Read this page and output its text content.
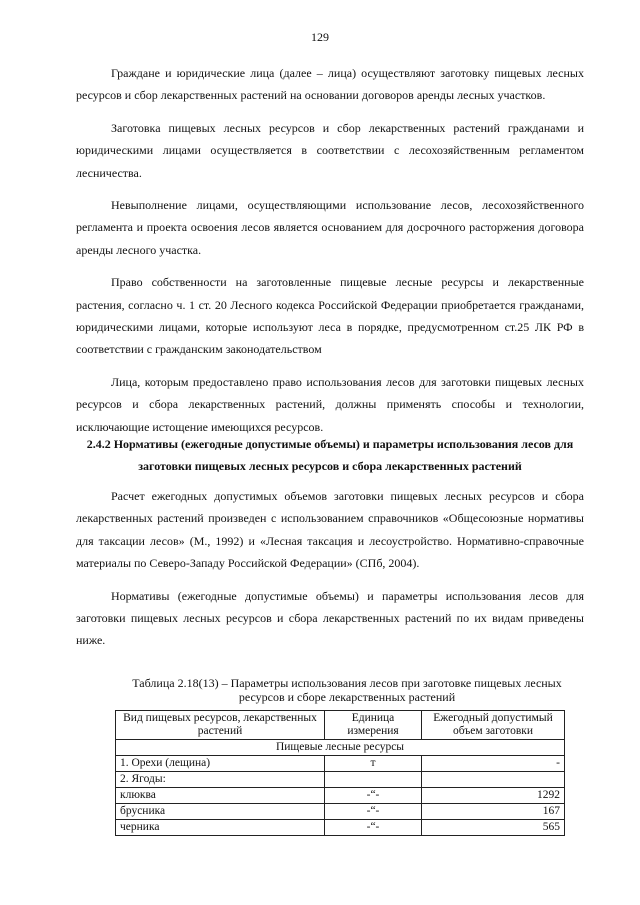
129

Граждане и юридические лица (далее – лица) осуществляют заготовку пищевых лесных ресурсов и сбор лекарственных растений на основании договоров аренды лесных участков.

Заготовка пищевых лесных ресурсов и сбор лекарственных растений гражданами и юридическими лицами осуществляется в соответствии с лесохозяйственным регламентом лесничества.

Невыполнение лицами, осуществляющими использование лесов, лесохозяйственного регламента и проекта освоения лесов является основанием для досрочного расторжения договора аренды лесного участка.

Право собственности на заготовленные пищевые лесные ресурсы и лекарственные растения, согласно ч. 1 ст. 20 Лесного кодекса Российской Федерации приобретается гражданами, юридическими лицами, которые используют леса в порядке, предусмотренном ст.25 ЛК РФ в соответствии с гражданским законодательством

Лица, которым предоставлено право использования лесов для заготовки пищевых лесных ресурсов и сбора лекарственных растений, должны применять способы и технологии, исключающие истощение имеющихся ресурсов.

2.4.2 Нормативы (ежегодные допустимые объемы) и параметры использования лесов для заготовки пищевых лесных ресурсов и сбора лекарственных растений

Расчет ежегодных допустимых объемов заготовки пищевых лесных ресурсов и сбора лекарственных растений произведен с использованием справочников «Общесоюзные нормативы для таксации лесов» (М., 1992) и «Лесная таксация и лесоустройство. Нормативно-справочные материалы по Северо-Западу Российской Федерации» (СПб, 2004).

Нормативы (ежегодные допустимые объемы) и параметры использования лесов для заготовки пищевых лесных ресурсов и сбора лекарственных растений по их видам приведены ниже.

Таблица 2.18(13) – Параметры использования лесов при заготовке пищевых лесных ресурсов и сборе лекарственных растений
Вид пищевых ресурсов, лекарственных растений	Единица измерения	Ежегодный допустимый объем заготовки
Пищевые лесные ресурсы		
1. Орехи (лещина)	т	-
2. Ягоды:		
клюква	-“-	1292
брусника	-“-	167
черника	-“-	565
